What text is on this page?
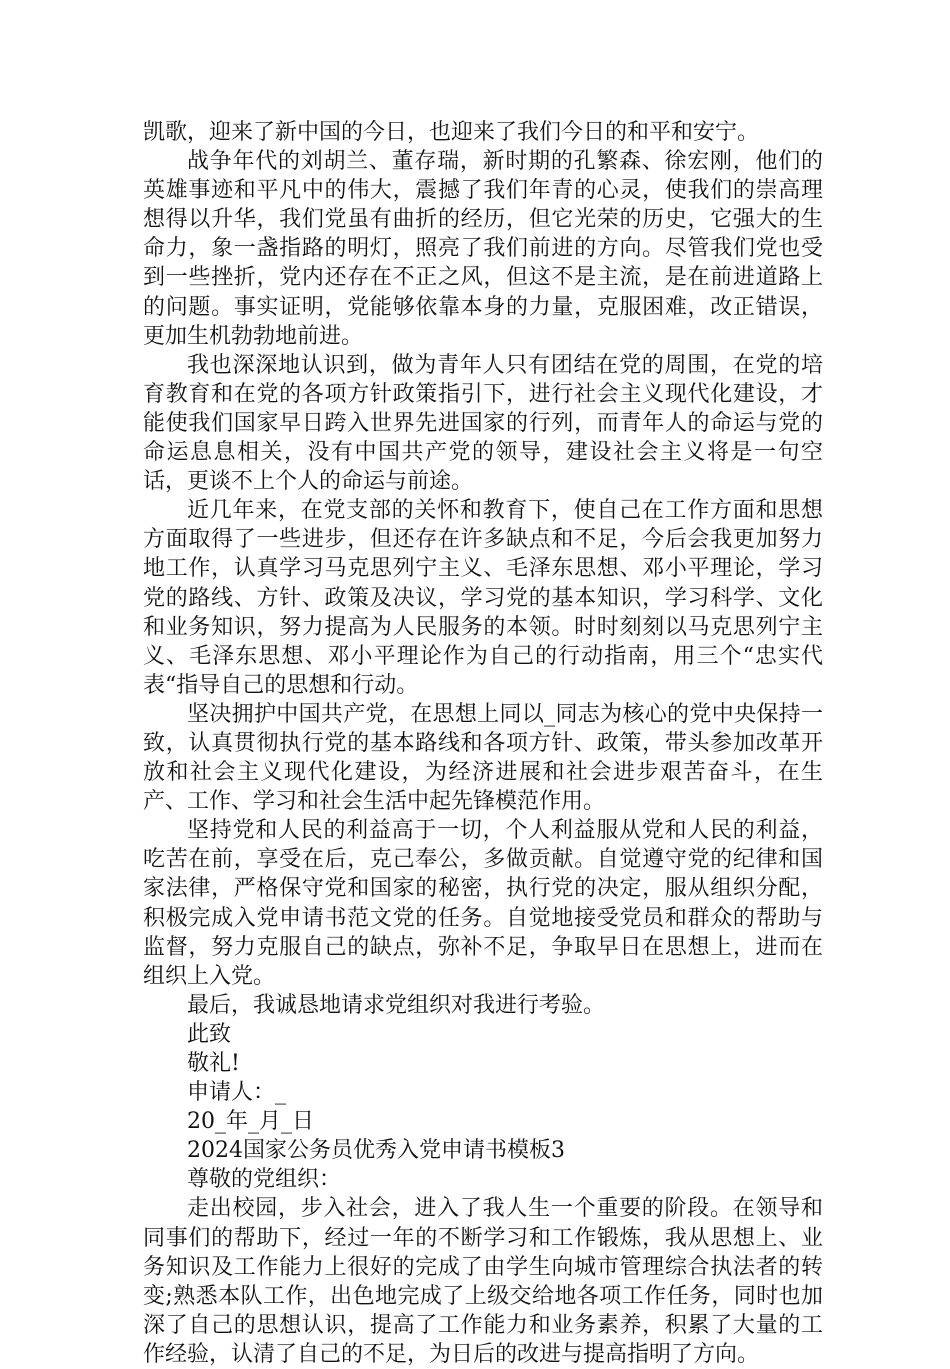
凯歌，迎来了新中国的今日，也迎来了我们今日的和平和安宁。

战争年代的刘胡兰、董存瑞，新时期的孔繁森、徐宏刚，他们的英雄事迹和平凡中的伟大，震撼了我们年青的心灵，使我们的崇高理想得以升华，我们党虽有曲折的经历，但它光荣的历史，它强大的生命力，象一盏指路的明灯，照亮了我们前进的方向。尽管我们党也受到一些挫折，党内还存在不正之风，但这不是主流，是在前进道路上的问题。事实证明，党能够依靠本身的力量，克服困难，改正错误，更加生机勃勃地前进。

我也深深地认识到，做为青年人只有团结在党的周围，在党的培育教育和在党的各项方针政策指引下，进行社会主义现代化建设，才能使我们国家早日跨入世界先进国家的行列，而青年人的命运与党的命运息息相关，没有中国共产党的领导，建设社会主义将是一句空话，更谈不上个人的命运与前途。

近几年来，在党支部的关怀和教育下，使自己在工作方面和思想方面取得了一些进步，但还存在许多缺点和不足，今后会我更加努力地工作，认真学习马克思列宁主义、毛泽东思想、邓小平理论，学习党的路线、方针、政策及决议，学习党的基本知识，学习科学、文化和业务知识，努力提高为人民服务的本领。时时刻刻以马克思列宁主义、毛泽东思想、邓小平理论作为自己的行动指南，用三个“忠实代表“指导自己的思想和行动。

坚决拥护中国共产党，在思想上同以_同志为核心的党中央保持一致，认真贯彻执行党的基本路线和各项方针、政策，带头参加改革开放和社会主义现代化建设，为经济进展和社会进步艰苦奋斗，在生产、工作、学习和社会生活中起先锋模范作用。

坚持党和人民的利益高于一切，个人利益服从党和人民的利益，吃苦在前，享受在后，克己奉公，多做贡献。自觉遵守党的纪律和国家法律，严格保守党和国家的秘密，执行党的决定，服从组织分配，积极完成入党申请书范文党的任务。自觉地接受党员和群众的帮助与监督，努力克服自己的缺点，弥补不足，争取早日在思想上，进而在组织上入党。

最后，我诚恳地请求党组织对我进行考验。
此致
敬礼!
申请人：_
20_年_月_日
2024国家公务员优秀入党申请书模板3
尊敬的党组织：

走出校园，步入社会，进入了我人生一个重要的阶段。在领导和同事们的帮助下，经过一年的不断学习和工作锻炼，我从思想上、业务知识及工作能力上很好的完成了由学生向城市管理综合执法者的转变;熟悉本队工作，出色地完成了上级交给地各项工作任务，同时也加深了自己的思想认识，提高了工作能力和业务素养，积累了大量的工作经验，认清了自己的不足，为日后的改进与提高指明了方向。
